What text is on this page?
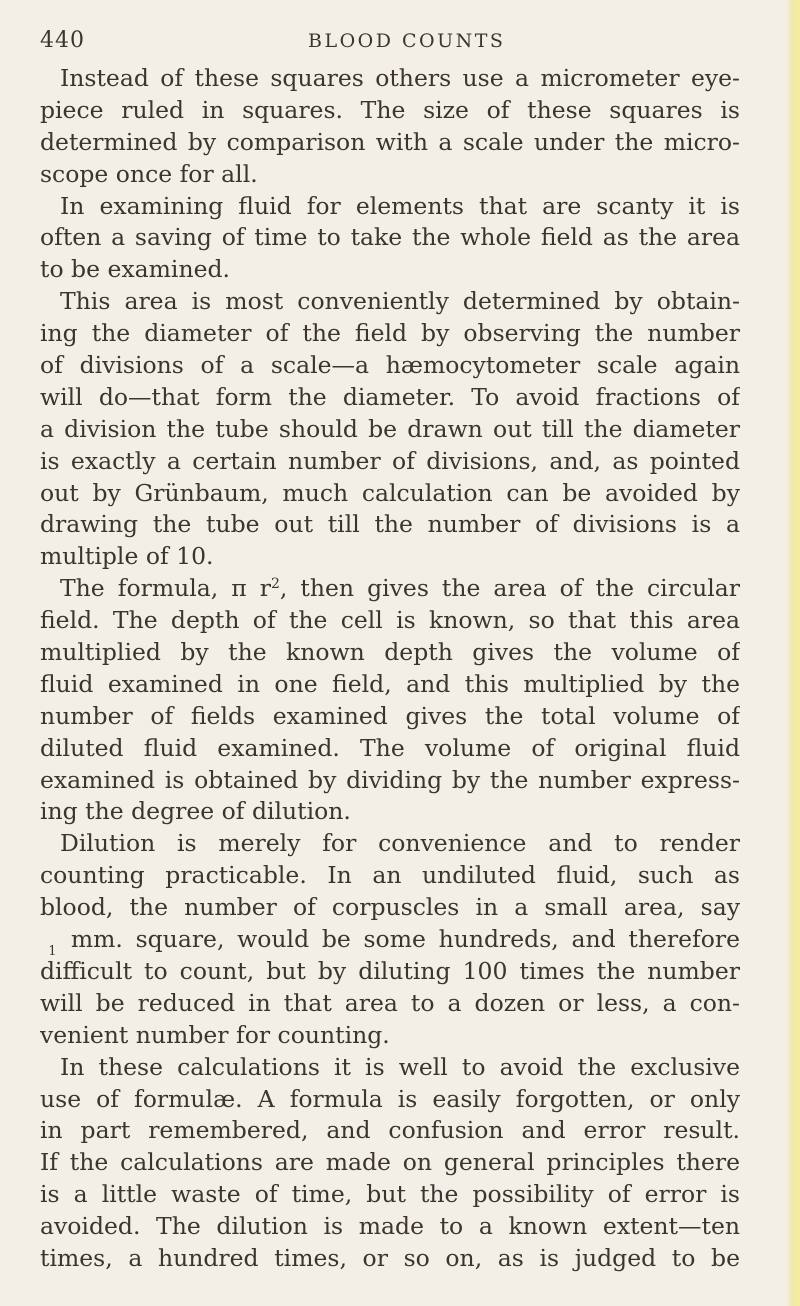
440	BLOOD COUNTS
Instead of these squares others use a micrometer eye-
piece ruled in squares. The size of these squares is
determined by comparison with a scale under the micro-
scope once for all.
In examining fluid for elements that are scanty it is
often a saving of time to take the whole field as the area
to be examined.
This area is most conveniently determined by obtain-
ing the diameter of the field by observing the number
of divisions of a scale—a hæmocytometer scale again
will do—that form the diameter. To avoid fractions of
a division the tube should be drawn out till the diameter
is exactly a certain number of divisions, and, as pointed
out by Grünbaum, much calculation can be avoided by
drawing the tube out till the number of divisions is a
multiple of 10.
The formula, π $r^2$, then gives the area of the circular
field. The depth of the cell is known, so that this area
multiplied by the known depth gives the volume of
fluid examined in one field, and this multiplied by the
number of fields examined gives the total volume of
diluted fluid examined. The volume of original fluid
examined is obtained by dividing by the number express-
ing the degree of dilution.
Dilution is merely for convenience and to render
counting practicable. In an undiluted fluid, such as
blood, the number of corpuscles in a small area, say
1 mm. square, would be some hundreds, and therefore
difficult to count, but by diluting 100 times the number
will be reduced in that area to a dozen or less, a con-
venient number for counting.
In these calculations it is well to avoid the exclusive
use of formulæ. A formula is easily forgotten, or only
in part remembered, and confusion and error result.
If the calculations are made on general principles there
is a little waste of time, but the possibility of error is
avoided. The dilution is made to a known extent—ten
times, a hundred times, or so on, as is judged to be
